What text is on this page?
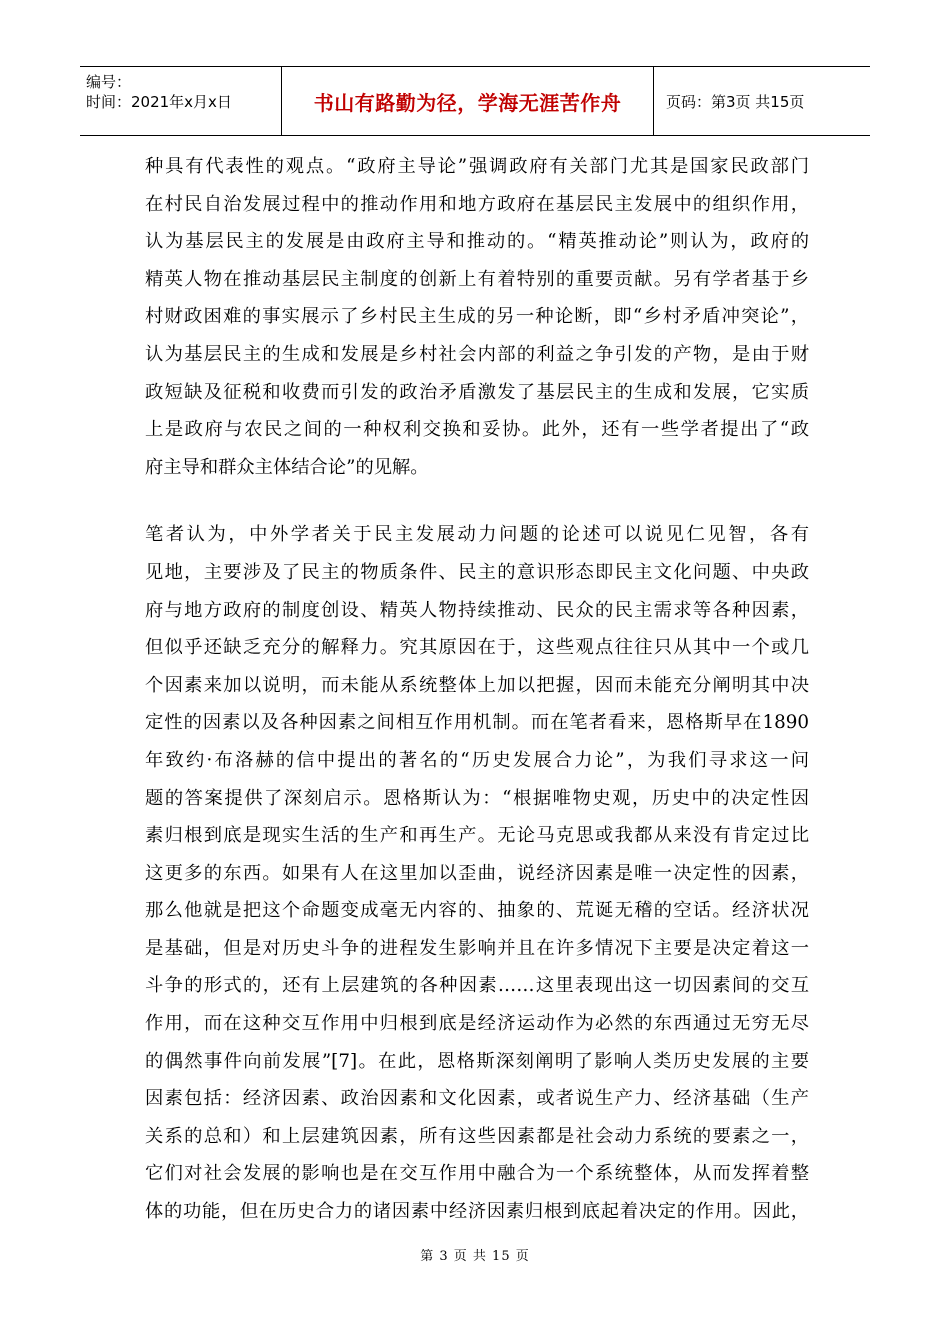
编号：
时间：2021年x月x日	书山有路勤为径，学海无涯苦作舟	页码：第3页 共15页
种具有代表性的观点。“政府主导论”强调政府有关部门尤其是国家民政部门
在村民自治发展过程中的推动作用和地方政府在基层民主发展中的组织作用，
认为基层民主的发展是由政府主导和推动的。“精英推动论”则认为，政府的
精英人物在推动基层民主制度的创新上有着特别的重要贡献。另有学者基于乡
村财政困难的事实展示了乡村民主生成的另一种论断，即“乡村矛盾冲突论”，
认为基层民主的生成和发展是乡村社会内部的利益之争引发的产物，是由于财
政短缺及征税和收费而引发的政治矛盾激发了基层民主的生成和发展，它实质
上是政府与农民之间的一种权利交换和妥协。此外，还有一些学者提出了“政
府主导和群众主体结合论”的见解。
笔者认为，中外学者关于民主发展动力问题的论述可以说见仁见智，各有
见地，主要涉及了民主的物质条件、民主的意识形态即民主文化问题、中央政
府与地方政府的制度创设、精英人物持续推动、民众的民主需求等各种因素，
但似乎还缺乏充分的解释力。究其原因在于，这些观点往往只从其中一个或几
个因素来加以说明，而未能从系统整体上加以把握，因而未能充分阐明其中决
定性的因素以及各种因素之间相互作用机制。而在笔者看来，恩格斯早在1890
年致约·布洛赫的信中提出的著名的“历史发展合力论”，为我们寻求这一问
题的答案提供了深刻启示。恩格斯认为：“根据唯物史观，历史中的决定性因
素归根到底是现实生活的生产和再生产。无论马克思或我都从来没有肯定过比
这更多的东西。如果有人在这里加以歪曲，说经济因素是唯一决定性的因素，
那么他就是把这个命题变成毫无内容的、抽象的、荒诞无稽的空话。经济状况
是基础，但是对历史斗争的进程发生影响并且在许多情况下主要是决定着这一
斗争的形式的，还有上层建筑的各种因素……这里表现出这一切因素间的交互
作用，而在这种交互作用中归根到底是经济运动作为必然的东西通过无穷无尽
的偶然事件向前发展”[7]。在此，恩格斯深刻阐明了影响人类历史发展的主要
因素包括：经济因素、政治因素和文化因素，或者说生产力、经济基础（生产
关系的总和）和上层建筑因素，所有这些因素都是社会动力系统的要素之一，
它们对社会发展的影响也是在交互作用中融合为一个系统整体，从而发挥着整
体的功能，但在历史合力的诸因素中经济因素归根到底起着决定的作用。因此，
第 3 页 共 15 页
